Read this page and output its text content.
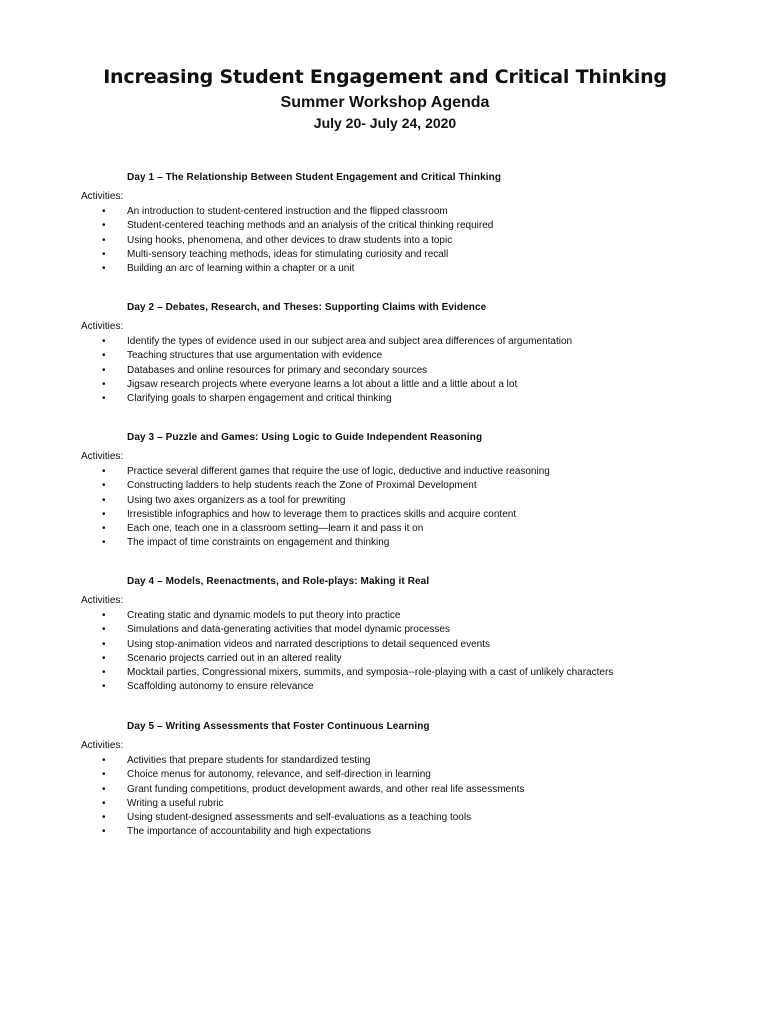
Increasing Student Engagement and Critical Thinking
Summer Workshop Agenda
July 20- July 24, 2020
Day 1 – The Relationship Between Student Engagement and Critical Thinking
Activities:
• An introduction to student-centered instruction and the flipped classroom
• Student-centered teaching methods and an analysis of the critical thinking required
• Using hooks, phenomena, and other devices to draw students into a topic
• Multi-sensory teaching methods, ideas for stimulating curiosity and recall
• Building an arc of learning within a chapter or a unit
Day 2 – Debates, Research, and Theses: Supporting Claims with Evidence
Activities:
• Identify the types of evidence used in our subject area and subject area differences of argumentation
• Teaching structures that use argumentation with evidence
• Databases and online resources for primary and secondary sources
• Jigsaw research projects where everyone learns a lot about a little and a little about a lot
• Clarifying goals to sharpen engagement and critical thinking
Day 3 – Puzzle and Games: Using Logic to Guide Independent Reasoning
Activities:
• Practice several different games that require the use of logic, deductive and inductive reasoning
• Constructing ladders to help students reach the Zone of Proximal Development
• Using two axes organizers as a tool for prewriting
• Irresistible infographics and how to leverage them to practices skills and acquire content
• Each one, teach one in a classroom setting—learn it and pass it on
• The impact of time constraints on engagement and thinking
Day 4 – Models, Reenactments, and Role-plays: Making it Real
Activities:
• Creating static and dynamic models to put theory into practice
• Simulations and data-generating activities that model dynamic processes
• Using stop-animation videos and narrated descriptions to detail sequenced events
• Scenario projects carried out in an altered reality
• Mocktail parties, Congressional mixers, summits, and symposia--role-playing with a cast of unlikely characters
• Scaffolding autonomy to ensure relevance
Day 5 – Writing Assessments that Foster Continuous Learning
Activities:
• Activities that prepare students for standardized testing
• Choice menus for autonomy, relevance, and self-direction in learning
• Grant funding competitions, product development awards, and other real life assessments
• Writing a useful rubric
• Using student-designed assessments and self-evaluations as a teaching tools
• The importance of accountability and high expectations
